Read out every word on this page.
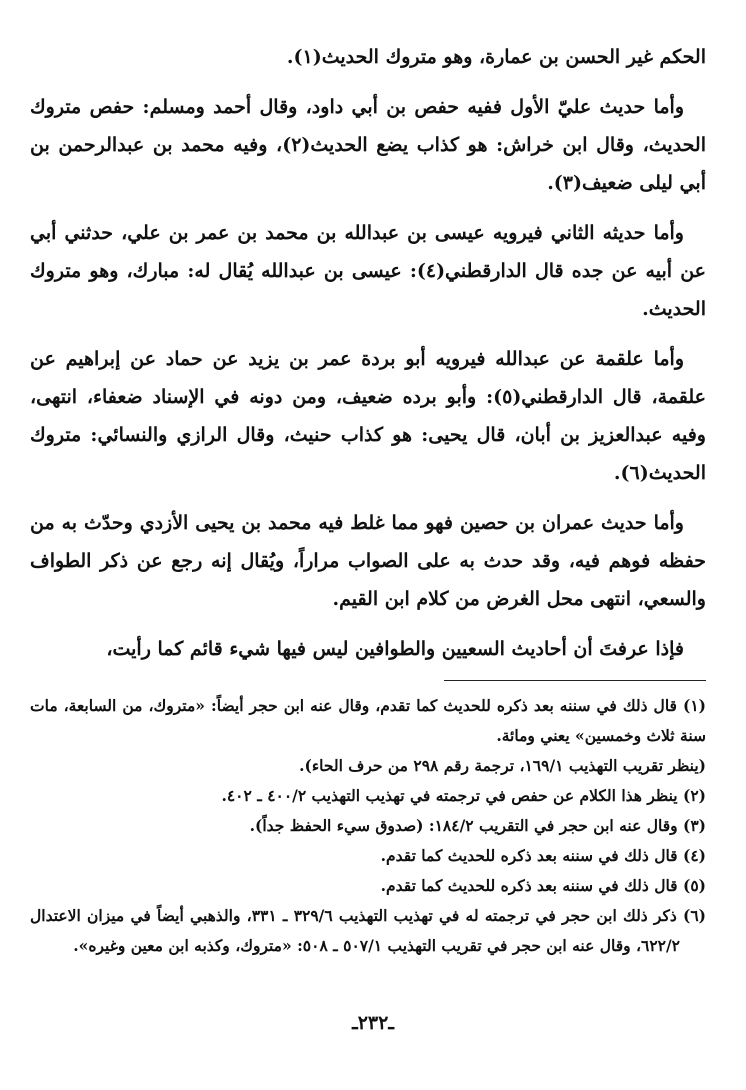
الحكم غير الحسن بن عمارة، وهو متروك الحديث(١).

وأما حديث عليّ الأول ففيه حفص بن أبي داود، وقال أحمد ومسلم: حفص متروك الحديث، وقال ابن خراش: هو كذاب يضع الحديث(٢)، وفيه محمد بن عبدالرحمن بن أبي ليلى ضعيف(٣).

وأما حديثه الثاني فيرويه عيسى بن عبدالله بن محمد بن عمر بن علي، حدثني أبي عن أبيه عن جده قال الدارقطني(٤): عيسى بن عبدالله يُقال له: مبارك، وهو متروك الحديث.

وأما علقمة عن عبدالله فيرويه أبو بردة عمر بن يزيد عن حماد عن إبراهيم عن علقمة، قال الدارقطني(٥): وأبو برده ضعيف، ومن دونه في الإسناد ضعفاء، انتهى، وفيه عبدالعزيز بن أبان، قال يحيى: هو كذاب حنيث، وقال الرازي والنسائي: متروك الحديث(٦).

وأما حديث عمران بن حصين فهو مما غلط فيه محمد بن يحيى الأزدي وحدّث به من حفظه فوهم فيه، وقد حدث به على الصواب مراراً، ويُقال إنه رجع عن ذكر الطواف والسعي، انتهى محل الغرض من كلام ابن القيم.

فإذا عرفتَ أن أحاديث السعيين والطوافين ليس فيها شيء قائم كما رأيت،

(١) قال ذلك في سننه بعد ذكره للحديث كما تقدم، وقال عنه ابن حجر أيضاً: «متروك، من السابعة، مات سنة ثلاث وخمسين» يعني ومائة.

(ينظر تقريب التهذيب ١٦٩/١، ترجمة رقم ٢٩٨ من حرف الحاء).

(٢) ينظر هذا الكلام عن حفص في ترجمته في تهذيب التهذيب ٤٠٠/٢ ـ ٤٠٢.

(٣) وقال عنه ابن حجر في التقريب ١٨٤/٢: (صدوق سيء الحفظ جداً).

(٤) قال ذلك في سننه بعد ذكره للحديث كما تقدم.

(٥) قال ذلك في سننه بعد ذكره للحديث كما تقدم.

(٦) ذكر ذلك ابن حجر في ترجمته له في تهذيب التهذيب ٣٢٩/٦ ـ ٣٣١، والذهبي أيضاً في ميزان الاعتدال ٦٢٢/٢، وقال عنه ابن حجر في تقريب التهذيب ٥٠٧/١ ـ ٥٠٨: «متروك، وكذبه ابن معين وغيره».

ـ٢٣٢ـ
